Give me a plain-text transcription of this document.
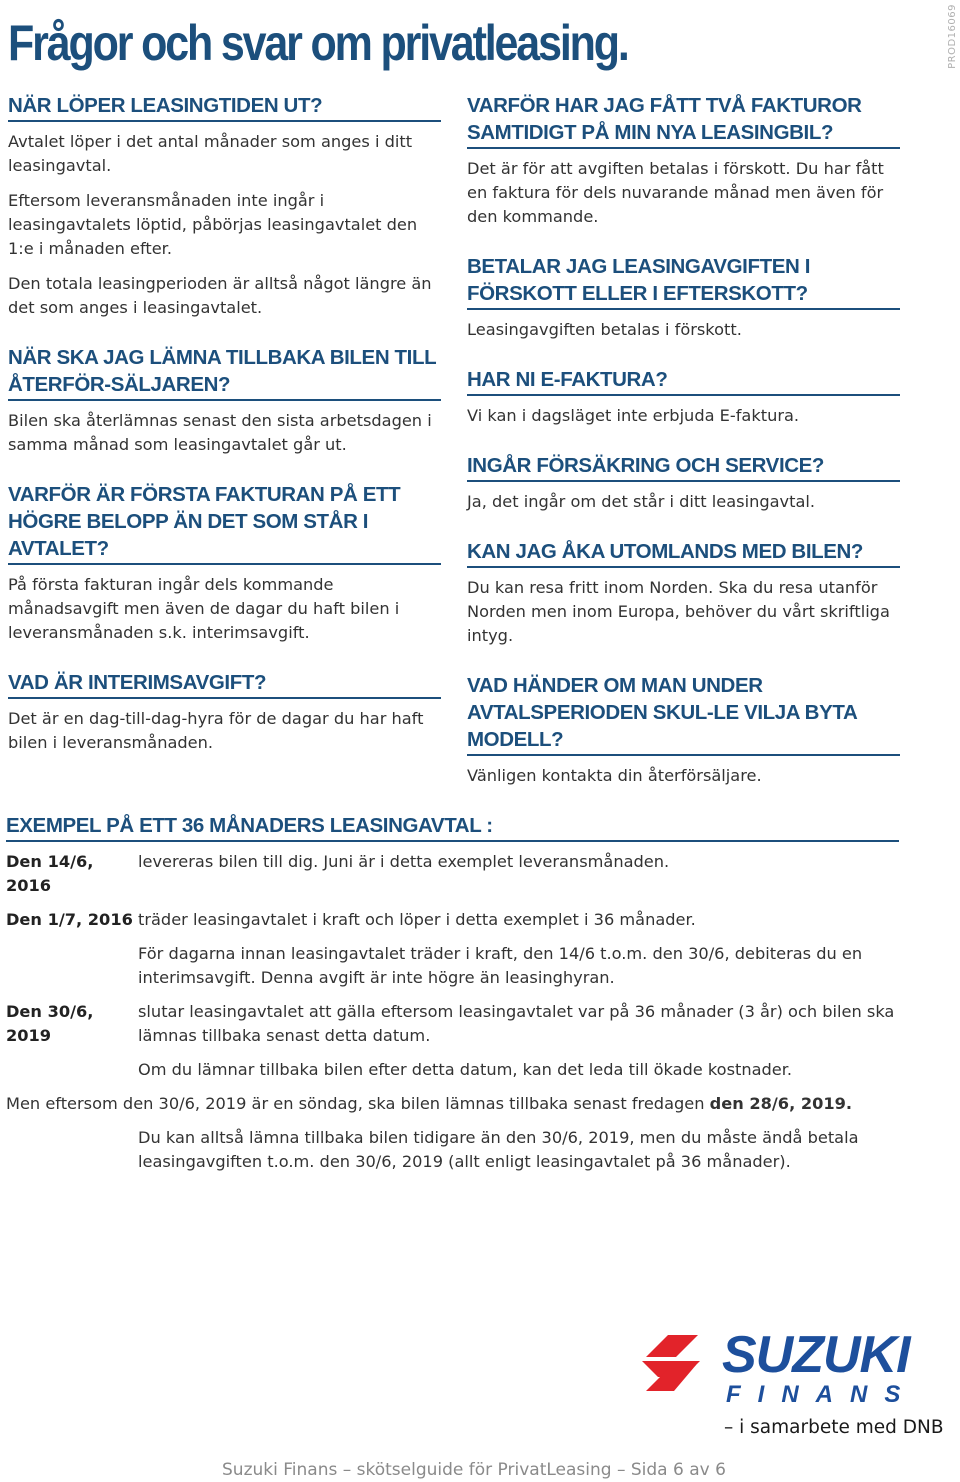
Frågor och svar om privatleasing.	PROD16069
NÄR LÖPER LEASINGTIDEN UT?

Avtalet löper i det antal månader som anges i ditt leasingavtal.

Eftersom leveransmånaden inte ingår i leasingavtalets löptid, påbörjas leasingavtalet den 1:e i månaden efter.

Den totala leasingperioden är alltså något längre än det som anges i leasingavtalet.

NÄR SKA JAG LÄMNA TILLBAKA BILEN TILL ÅTERFÖR-SÄLJAREN?

Bilen ska återlämnas senast den sista arbetsdagen i samma månad som leasingavtalet går ut.

VARFÖR ÄR FÖRSTA FAKTURAN PÅ ETT HÖGRE BELOPP ÄN DET SOM STÅR I AVTALET?

På första fakturan ingår dels kommande månadsavgift men även de dagar du haft bilen i leveransmånaden s.k. interimsavgift.

VAD ÄR INTERIMSAVGIFT?

Det är en dag-till-dag-hyra för de dagar du har haft bilen i leveransmånaden.

VARFÖR HAR JAG FÅTT TVÅ FAKTUROR SAMTIDIGT PÅ MIN NYA LEASINGBIL?

Det är för att avgiften betalas i förskott. Du har fått en faktura för dels nuvarande månad men även för den kommande.

BETALAR JAG LEASINGAVGIFTEN I FÖRSKOTT ELLER I EFTERSKOTT?

Leasingavgiften betalas i förskott.

HAR NI E-FAKTURA?

Vi kan i dagsläget inte erbjuda E-faktura.

INGÅR FÖRSÄKRING OCH SERVICE?

Ja, det ingår om det står i ditt leasingavtal.

KAN JAG ÅKA UTOMLANDS MED BILEN?

Du kan resa fritt inom Norden. Ska du resa utanför Norden men inom Europa, behöver du vårt skriftliga intyg.

VAD HÄNDER OM MAN UNDER AVTALSPERIODEN SKUL-LE VILJA BYTA MODELL?

Vänligen kontakta din återförsäljare.

EXEMPEL PÅ ETT 36 MÅNADERS LEASINGAVTAL :
Den 14/6, 2016
levereras bilen till dig. Juni är i detta exemplet leveransmånaden.
Den 1/7, 2016 träder leasingavtalet i kraft och löper i detta exemplet i 36 månader.
För dagarna innan leasingavtalet träder i kraft, den 14/6 t.o.m. den 30/6, debiteras du en interimsavgift. Denna avgift är inte högre än leasinghyran.
Den 30/6, 2019
slutar leasingavtalet att gälla eftersom leasingavtalet var på 36 månader (3 år) och bilen ska lämnas tillbaka senast detta datum.
Om du lämnar tillbaka bilen efter detta datum, kan det leda till ökade kostnader.
Men eftersom den 30/6, 2019 är en söndag, ska bilen lämnas tillbaka senast fredagen den 28/6, 2019.
Du kan alltså lämna tillbaka bilen tidigare än den 30/6, 2019, men du måste ändå betala leasingavgiften t.o.m. den 30/6, 2019 (allt enligt leasingavtalet på 36 månader).
SUZUKI
FINANS
– i samarbete med DNB
Suzuki Finans – skötselguide för PrivatLeasing – Sida 6 av 6
